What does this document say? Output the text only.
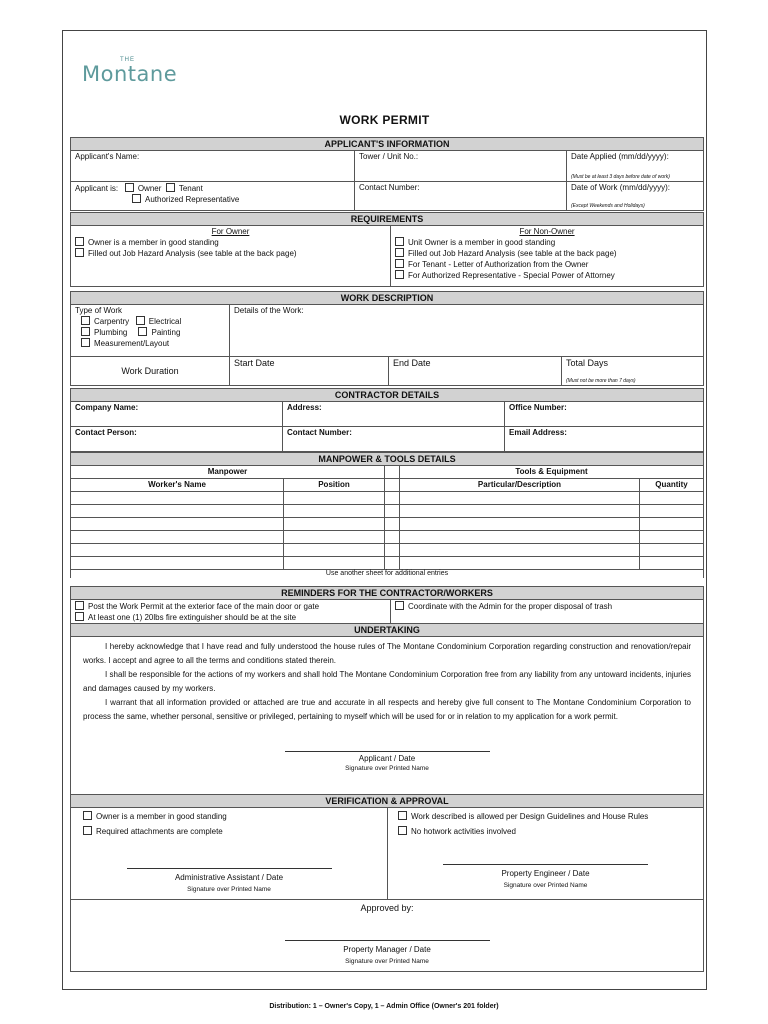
THE
Montane
WORK PERMIT
APPLICANT'S INFORMATION		
Applicant's Name:	Tower / Unit No.:	Date Applied (mm/dd/yyyy):
(Must be at least 3 days before date of work)

Applicant is: Owner Tenant
Authorized Representative	Contact Number:	Date of Work (mm/dd/yyyy):
(Except Weekends and Holidays)
REQUIREMENTS

For Owner
Owner is a member in good standing
Filled out Job Hazard Analysis (see table at the back page)

For Non-Owner
Unit Owner is a member in good standing
Filled out Job Hazard Analysis (see table at the back page)
For Tenant - Letter of Authorization from the Owner
For Authorized Representative - Special Power of Attorney
WORK DESCRIPTION			

Type of Work
Carpentry Electrical
Plumbing Painting
Measurement/Layout	Details of the Work:		
Work Duration	Start Date	End Date	Total Days
(Must not be more than 7 days)
CONTRACTOR DETAILS		
Company Name:	Address:	Office Number:
Contact Person:	Contact Number:	Email Address:
MANPOWER & TOOLS DETAILS				
Manpower			Tools & Equipment	
Worker's Name	Position		Particular/Description	Quantity

Use another sheet for additional entries				
REMINDERS FOR THE CONTRACTOR/WORKERS

Post the Work Permit at the exterior face of the main door or gate
At least one (1) 20lbs fire extinguisher should be at the site
	Coordinate with the Admin for the proper disposal of trash
UNDERTAKING

I hereby acknowledge that I have read and fully understood the house rules of The Montane Condominium Corporation regarding construction and renovation/repair works. I accept and agree to all the terms and conditions stated therein.

I shall be responsible for the actions of my workers and shall hold The Montane Condominium Corporation free from any liability from any untoward incidents, injuries and damages caused by my workers.

I warrant that all information provided or attached are true and accurate in all respects and hereby give full consent to The Montane Condominium Corporation to process the same, whether personal, sensitive or privileged, pertaining to myself which will be used for or in relation to my application for a work permit.

Applicant / Date
Signature over Printed Name
VERIFICATION & APPROVAL

Owner is a member in good standing
Required attachments are complete
Administrative Assistant / Date
Signature over Printed Name

Work described is allowed per Design Guidelines and House Rules
No hotwork activities involved
Property Engineer / Date
Signature over Printed Name

Approved by:
Property Manager / Date
Signature over Printed Name
Distribution: 1 – Owner's Copy, 1 – Admin Office (Owner's 201 folder)
